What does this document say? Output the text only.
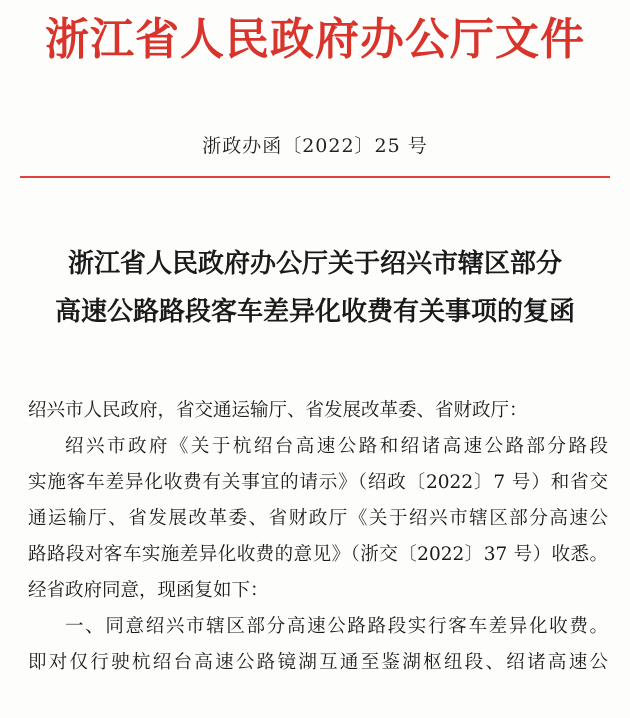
浙江省人民政府办公厅文件
浙政办函〔2022〕25 号
浙江省人民政府办公厅关于绍兴市辖区部分
高速公路路段客车差异化收费有关事项的复函
绍兴市人民政府，省交通运输厅、省发展改革委、省财政厅：
绍兴市政府《关于杭绍台高速公路和绍诸高速公路部分路段
实施客车差异化收费有关事宜的请示》（绍政〔2022〕7 号）和省交
通运输厅、省发展改革委、省财政厅《关于绍兴市辖区部分高速公
路路段对客车实施差异化收费的意见》（浙交〔2022〕37 号）收悉。
经省政府同意，现函复如下：
一、同意绍兴市辖区部分高速公路路段实行客车差异化收费。
即对仅行驶杭绍台高速公路镜湖互通至鉴湖枢纽段、绍诸高速公
